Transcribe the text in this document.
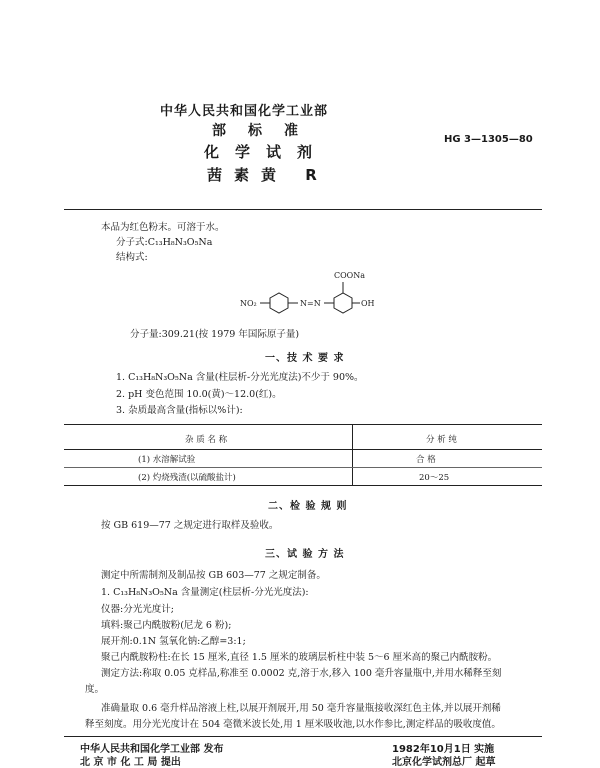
中华人民共和国化学工业部
部标准
化学试剂
茜素黄 R
HG 3—1305—80
本品为红色粉末。可溶于水。
分子式:C₁₃H₈N₃O₅Na
结构式:
NO₂	N=N
COONa
OH
分子量:309.21(按 1979 年国际原子量)
一、技 术 要 求
1. C₁₃H₈N₃O₅Na 含量(柱层析-分光光度法)不少于 90%。
2. pH 变色范围 10.0(黄)～12.0(红)。
3. 杂质最高含量(指标以%计):
杂 质 名 称	分 析 纯
(1) 水溶解试验	合 格
(2) 灼烧残渣(以硫酸盐计)	20～25
二、检 验 规 则
按 GB 619—77 之规定进行取样及验收。
三、试 验 方 法
测定中所需制剂及制品按 GB 603—77 之规定制备。
1. C₁₃H₈N₃O₅Na 含量测定(柱层析-分光光度法):
仪器:分光光度计;
填料:聚己内酰胺粉(尼龙 6 粉);
展开剂:0.1N 氢氧化钠:乙醇=3:1;
聚己内酰胺粉柱:在长 15 厘米,直径 1.5 厘米的玻璃层析柱中装 5～6 厘米高的聚己内酰胺粉。
测定方法:称取 0.05 克样品,称准至 0.0002 克,溶于水,移入 100 毫升容量瓶中,并用水稀释至刻
度。
准确量取 0.6 毫升样品溶液上柱,以展开剂展开,用 50 毫升容量瓶接收深红色主体,并以展开剂稀
释至刻度。用分光光度计在 504 毫微米波长处,用 1 厘米吸收池,以水作参比,测定样品的吸收度值。
中华人民共和国化学工业部 发布
北 京 市 化 工 局 提出
1982年10月1日 实施
北京化学试剂总厂 起草
